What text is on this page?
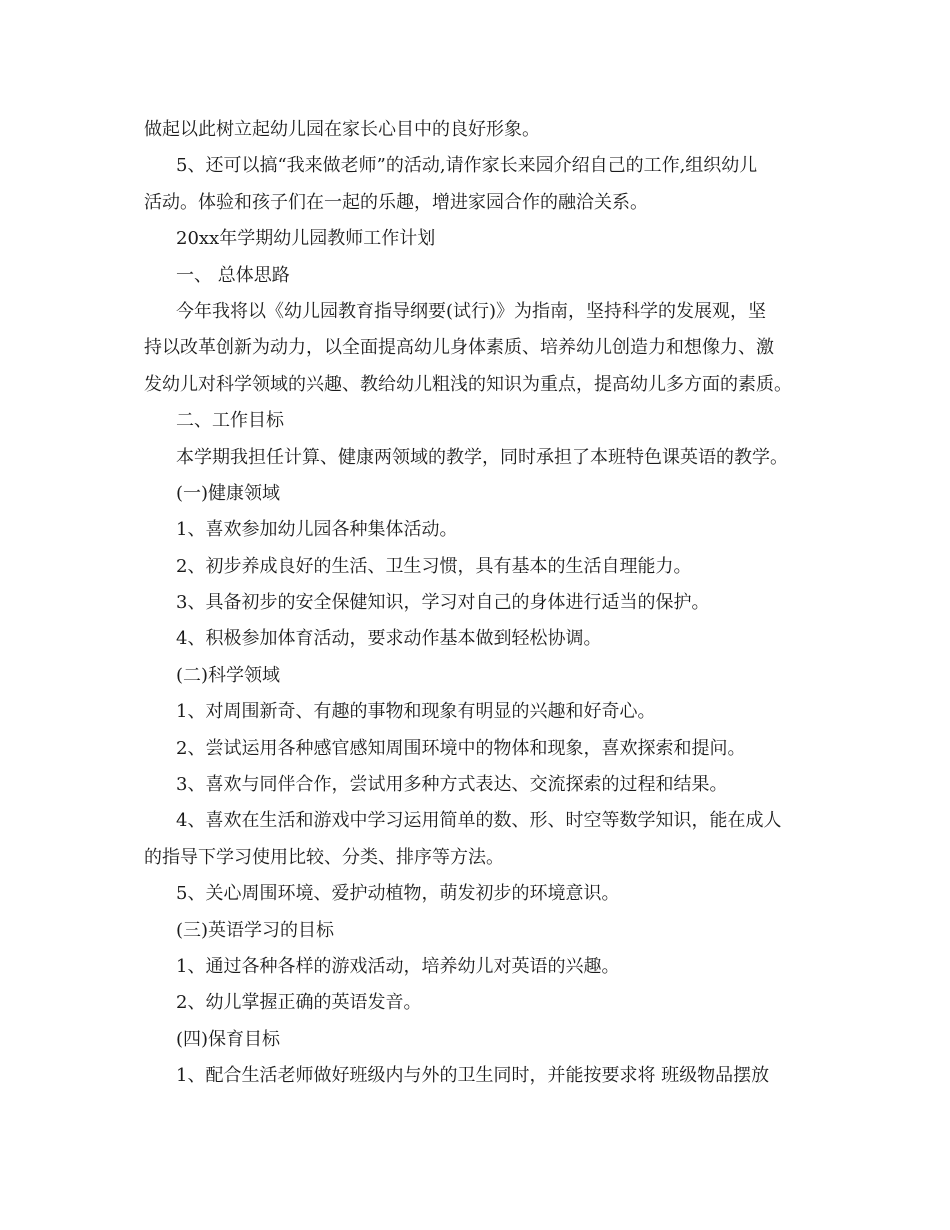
做起以此树立起幼儿园在家长心目中的良好形象。
5、还可以搞“我来做老师”的活动,请作家长来园介绍自己的工作,组织幼儿
活动。体验和孩子们在一起的乐趣，增进家园合作的融洽关系。
20xx年学期幼儿园教师工作计划
一、 总体思路
今年我将以《幼儿园教育指导纲要(试行)》为指南，坚持科学的发展观，坚
持以改革创新为动力，以全面提高幼儿身体素质、培养幼儿创造力和想像力、激
发幼儿对科学领域的兴趣、教给幼儿粗浅的知识为重点，提高幼儿多方面的素质。
二、工作目标
本学期我担任计算、健康两领域的教学，同时承担了本班特色课英语的教学。
(一)健康领域
1、喜欢参加幼儿园各种集体活动。
2、初步养成良好的生活、卫生习惯，具有基本的生活自理能力。
3、具备初步的安全保健知识，学习对自己的身体进行适当的保护。
4、积极参加体育活动，要求动作基本做到轻松协调。
(二)科学领域
1、对周围新奇、有趣的事物和现象有明显的兴趣和好奇心。
2、尝试运用各种感官感知周围环境中的物体和现象，喜欢探索和提问。
3、喜欢与同伴合作，尝试用多种方式表达、交流探索的过程和结果。
4、喜欢在生活和游戏中学习运用简单的数、形、时空等数学知识，能在成人
的指导下学习使用比较、分类、排序等方法。
5、关心周围环境、爱护动植物，萌发初步的环境意识。
(三)英语学习的目标
1、通过各种各样的游戏活动，培养幼儿对英语的兴趣。
2、幼儿掌握正确的英语发音。
(四)保育目标
1、配合生活老师做好班级内与外的卫生同时，并能按要求将 班级物品摆放
